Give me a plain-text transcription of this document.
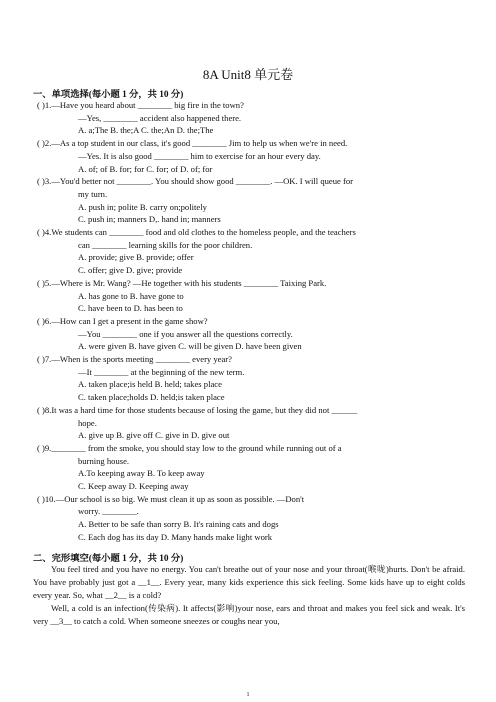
8A Unit8 单元卷
一、单项选择(每小题 1 分，共 10 分)
( )1.—Have you heard about ________ big fire in the town?
—Yes, ________ accident also happened there.
A. a;The B. the;A C. the;An D. the;The
( )2.—As a top student in our class, it's good ________ Jim to help us when we're in need.
—Yes. It is also good ________ him to exercise for an hour every day.
A. of; of B. for; for C. for; of D. of; for
( )3.—You'd better not ________. You should show good ________. —OK. I will queue for
my turn.
A. push in; polite B. carry on;politely
C. push in; manners D,. hand in; manners
( )4.We students can ________ food and old clothes to the homeless people, and the teachers
can ________ learning skills for the poor children.
A. provide; give B. provide; offer
C. offer; give D. give; provide
( )5.—Where is Mr. Wang? —He together with his students ________ Taixing Park.
A. has gone to B. have gone to
C. have been to D. has been to
( )6.—How can I get a present in the game show?
—You ________ one if you answer all the questions correctly.
A. were given B. have given C. will be given D. have been given
( )7.—When is the sports meeting ________ every year?
—It ________ at the beginning of the new term.
A. taken place;is held B. held; takes place
C. taken place;holds D. held;is taken place
( )8.It was a hard time for those students because of losing the game, but they did not ______
hope.
A. give up B. give off C. give in D. give out
( )9.________ from the smoke, you should stay low to the ground while running out of a
burning house.
A.To keeping away B. To keep away
C. Keep away D. Keeping away
( )10.—Our school is so big. We must clean it up as soon as possible. —Don't
worry. ________.
A. Better to be safe than sorry B. It's raining cats and dogs
C. Each dog has its day D. Many hands make light work
二、完形填空(每小题 1 分，共 10 分)
You feel tired and you have no energy. You can't breathe out of your nose and your throat(喉咙)hurts. Don't be afraid. You have probably just got a __1__. Every year, many kids experience this sick feeling. Some kids have up to eight colds every year. So, what __2__ is a cold?
Well, a cold is an infection(传染病). It affects(影响)your nose, ears and throat and makes you feel sick and weak. It's very __3__ to catch a cold. When someone sneezes or coughs near you,
1
